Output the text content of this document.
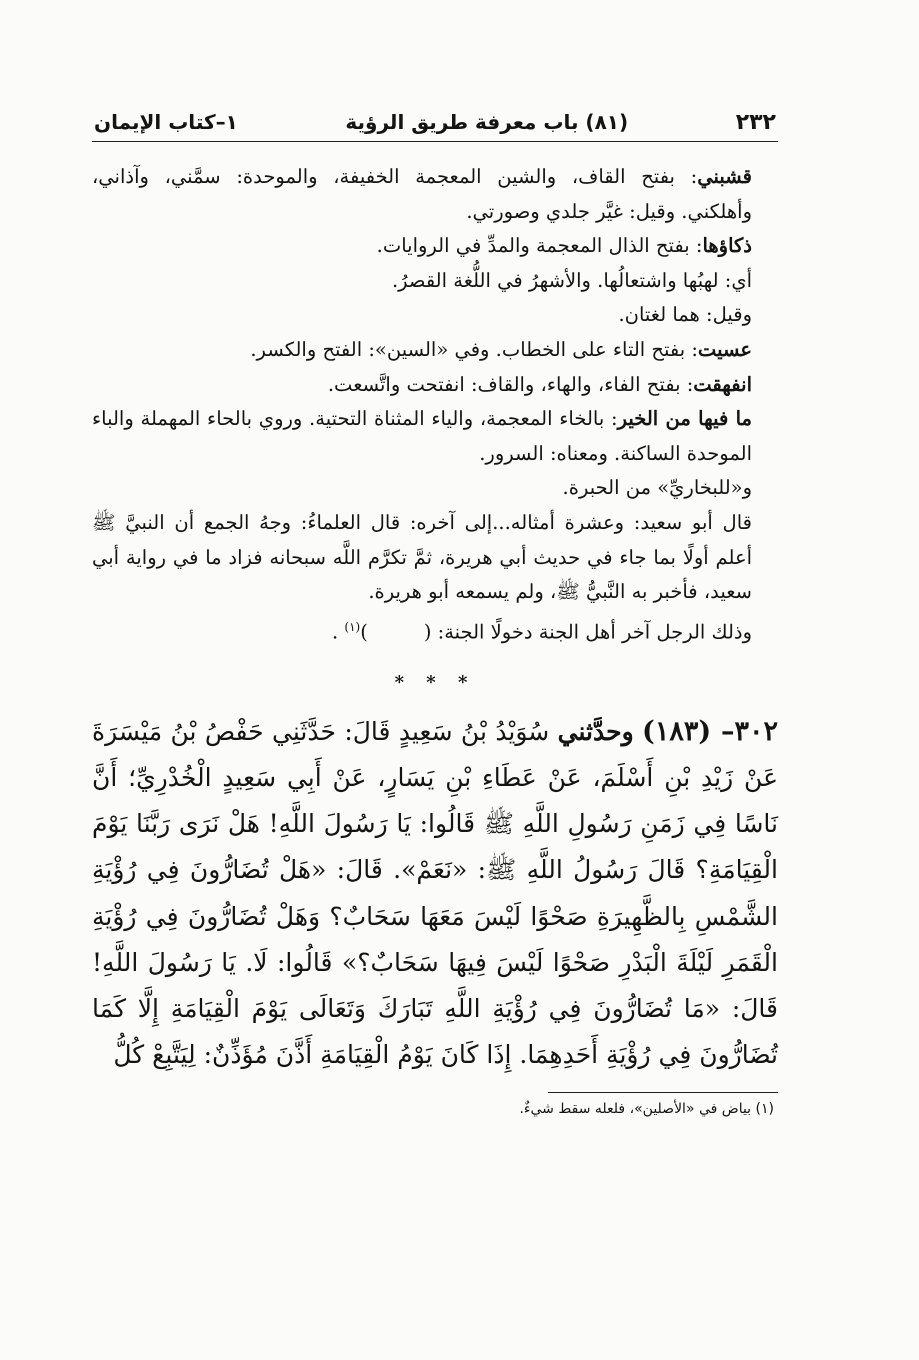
٢٣٢
(٨١) باب معرفة طريق الرؤية
١–كتاب الإيمان

قشبني: بفتح القاف، والشين المعجمة الخفيفة، والموحدة: سمَّني، وآذاني، وأهلكني. وقيل: غيَّر جلدي وصورتي.

ذكاؤها: بفتح الذال المعجمة والمدِّ في الروايات.

أي: لهبُها واشتعالُها. والأشهرُ في اللُّغة القصرُ.

وقيل: هما لغتان.

عسيت: بفتح التاء على الخطاب. وفي «السين»: الفتح والكسر.

انفهقت: بفتح الفاء، والهاء، والقاف: انفتحت واتَّسعت.

ما فيها من الخير: بالخاء المعجمة، والياء المثناة التحتية. وروي بالحاء المهملة والباء الموحدة الساكنة. ومعناه: السرور.

و«للبخاريِّ» من الحبرة.

قال أبو سعيد: وعشرة أمثاله...إلى آخره: قال العلماءُ: وجهُ الجمع أن النبيَّ ﷺ أعلم أولًا بما جاء في حديث أبي هريرة، ثمَّ تكرَّم اللَّه سبحانه فزاد ما في رواية أبي سعيد، فأخبر به النَّبيُّ ﷺ، ولم يسمعه أبو هريرة.

وذلك الرجل آخر أهل الجنة دخولًا الجنة: ()$^{(١)}$ .

* * *

٣٠٢– (١٨٣) وحدَّثني سُوَيْدُ بْنُ سَعِيدٍ قَالَ: حَدَّثَنِي حَفْصُ بْنُ مَيْسَرَةَ عَنْ زَيْدِ بْنِ أَسْلَمَ، عَنْ عَطَاءِ بْنِ يَسَارٍ، عَنْ أَبِي سَعِيدٍ الْخُدْرِيِّ؛ أَنَّ نَاسًا فِي زَمَنِ رَسُولِ اللَّهِ ﷺ قَالُوا: يَا رَسُولَ اللَّهِ! هَلْ نَرَى رَبَّنَا يَوْمَ الْقِيَامَةِ؟ قَالَ رَسُولُ اللَّهِ ﷺ: «نَعَمْ». قَالَ: «هَلْ تُضَارُّونَ فِي رُؤْيَةِ الشَّمْسِ بِالظَّهِيرَةِ صَحْوًا لَيْسَ مَعَهَا سَحَابٌ؟ وَهَلْ تُضَارُّونَ فِي رُؤْيَةِ الْقَمَرِ لَيْلَةَ الْبَدْرِ صَحْوًا لَيْسَ فِيهَا سَحَابٌ؟» قَالُوا: لَا. يَا رَسُولَ اللَّهِ! قَالَ: «مَا تُضَارُّونَ فِي رُؤْيَةِ اللَّهِ تَبَارَكَ وَتَعَالَى يَوْمَ الْقِيَامَةِ إِلَّا كَمَا تُضَارُّونَ فِي رُؤْيَةِ أَحَدِهِمَا. إِذَا كَانَ يَوْمُ الْقِيَامَةِ أَذَّنَ مُؤَذِّنٌ: لِيَتَّبِعْ كُلُّ

(١) بياض في «الأصلين»، فلعله سقط شيءٌ.
